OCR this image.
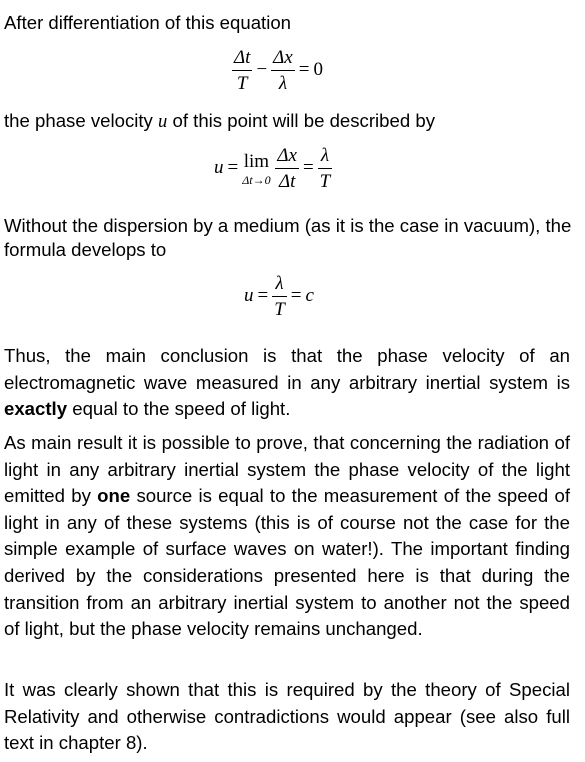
After differentiation of this equation

$\frac{\Delta t}{T} - \frac{\Delta x}{\lambda} = 0$

the phase velocity u of this point will be described by

u = lim
Δt→0
$\frac{\Delta x}{\Delta t} = \frac{\lambda}{T}$

Without the dispersion by a medium (as it is the case in vacuum), the formula develops to

$u = \frac{\lambda}{T} = c$

Thus, the main conclusion is that the phase velocity of an electromagnetic wave measured in any arbitrary inertial system is exactly equal to the speed of light.

As main result it is possible to prove, that concerning the radiation of light in any arbitrary inertial system the phase velocity of the light emitted by one source is equal to the measurement of the speed of light in any of these systems (this is of course not the case for the simple example of surface waves on water!). The important finding derived by the considerations presented here is that during the transition from an arbitrary inertial system to another not the speed of light, but the phase velocity remains unchanged.

It was clearly shown that this is required by the theory of Special Relativity and otherwise contradictions would appear (see also full text in chapter 8).
